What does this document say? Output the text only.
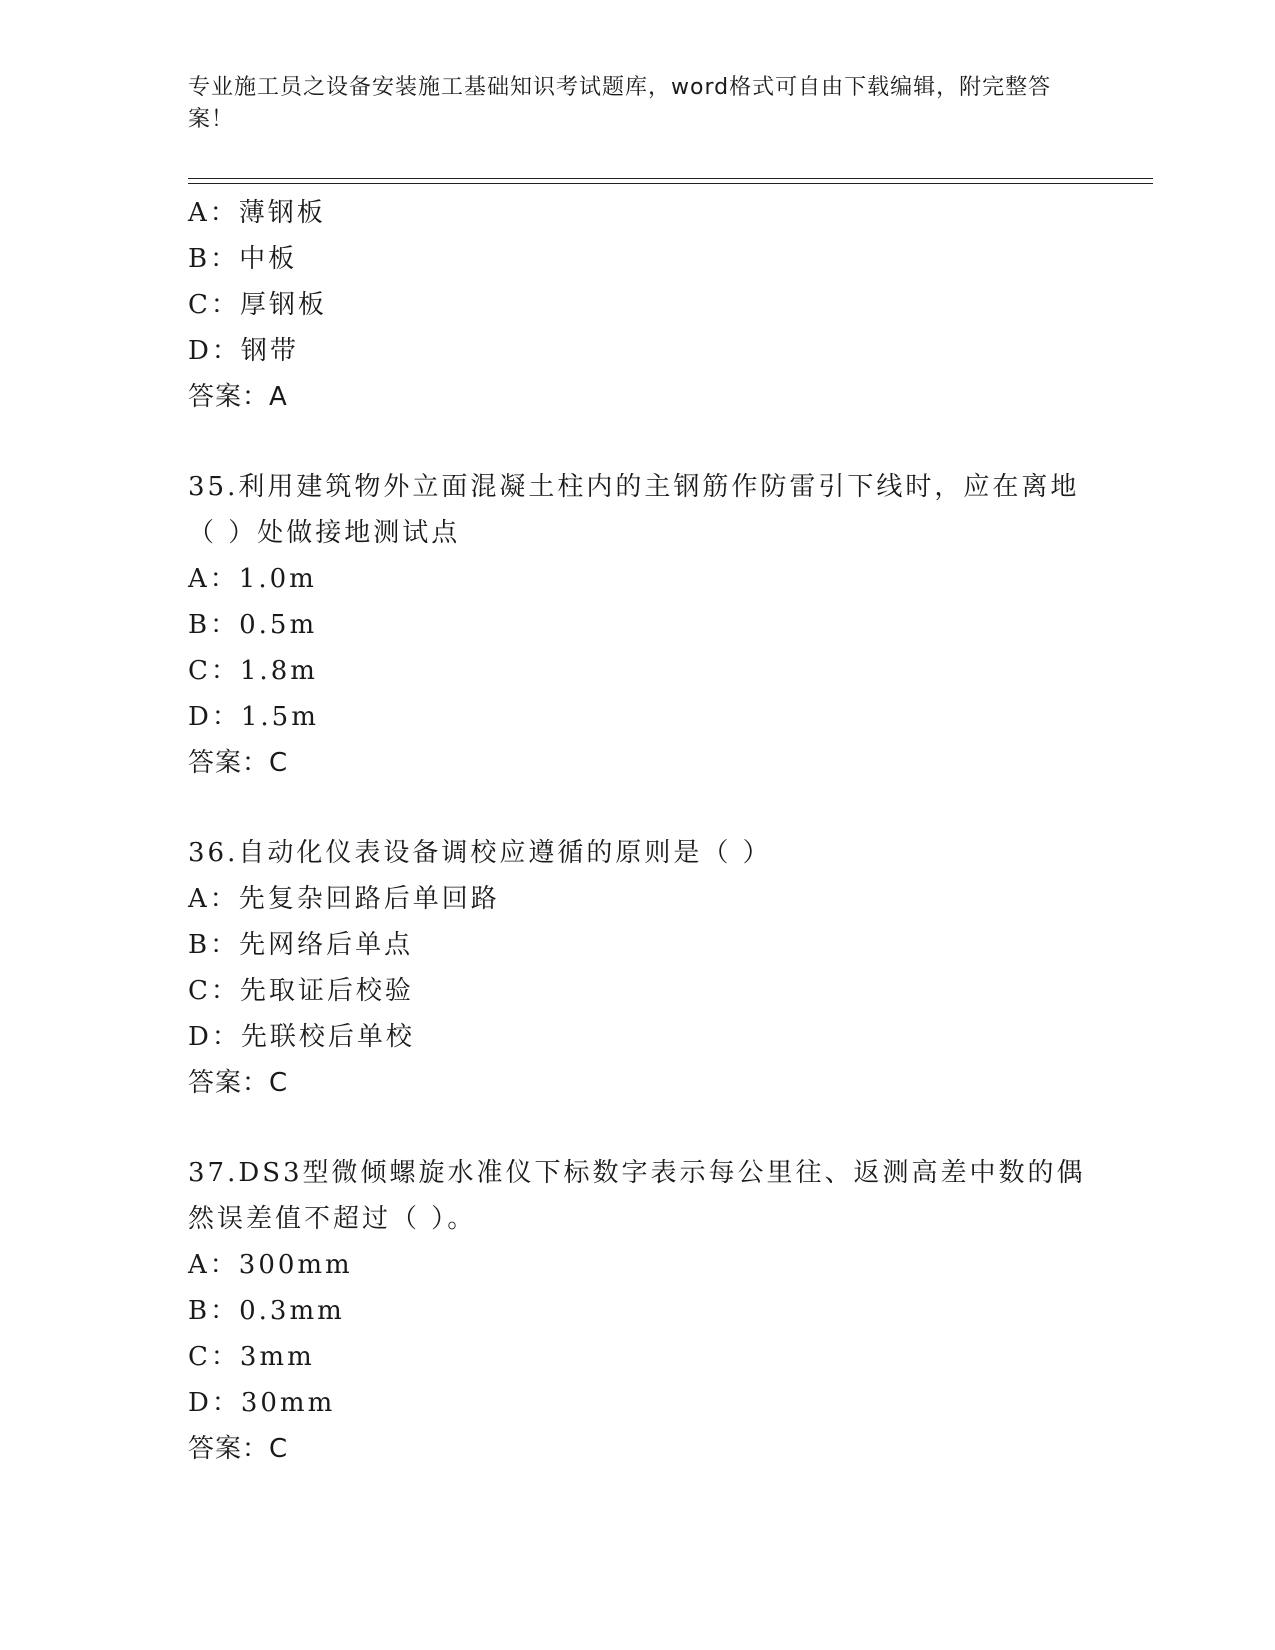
专业施工员之设备安装施工基础知识考试题库，word格式可自由下载编辑，附完整答案！
A：薄钢板
B：中板
C：厚钢板
D：钢带
答案：A
35.利用建筑物外立面混凝土柱内的主钢筋作防雷引下线时，应在离地
（ ）处做接地测试点
A：1.0m
B：0.5m
C：1.8m
D：1.5m
答案：C
36.自动化仪表设备调校应遵循的原则是（ ）
A：先复杂回路后单回路
B：先网络后单点
C：先取证后校验
D：先联校后单校
答案：C
37.DS3型微倾螺旋水准仪下标数字表示每公里往、返测高差中数的偶
然误差值不超过（ ）。
A：300mm
B：0.3mm
C：3mm
D：30mm
答案：C
